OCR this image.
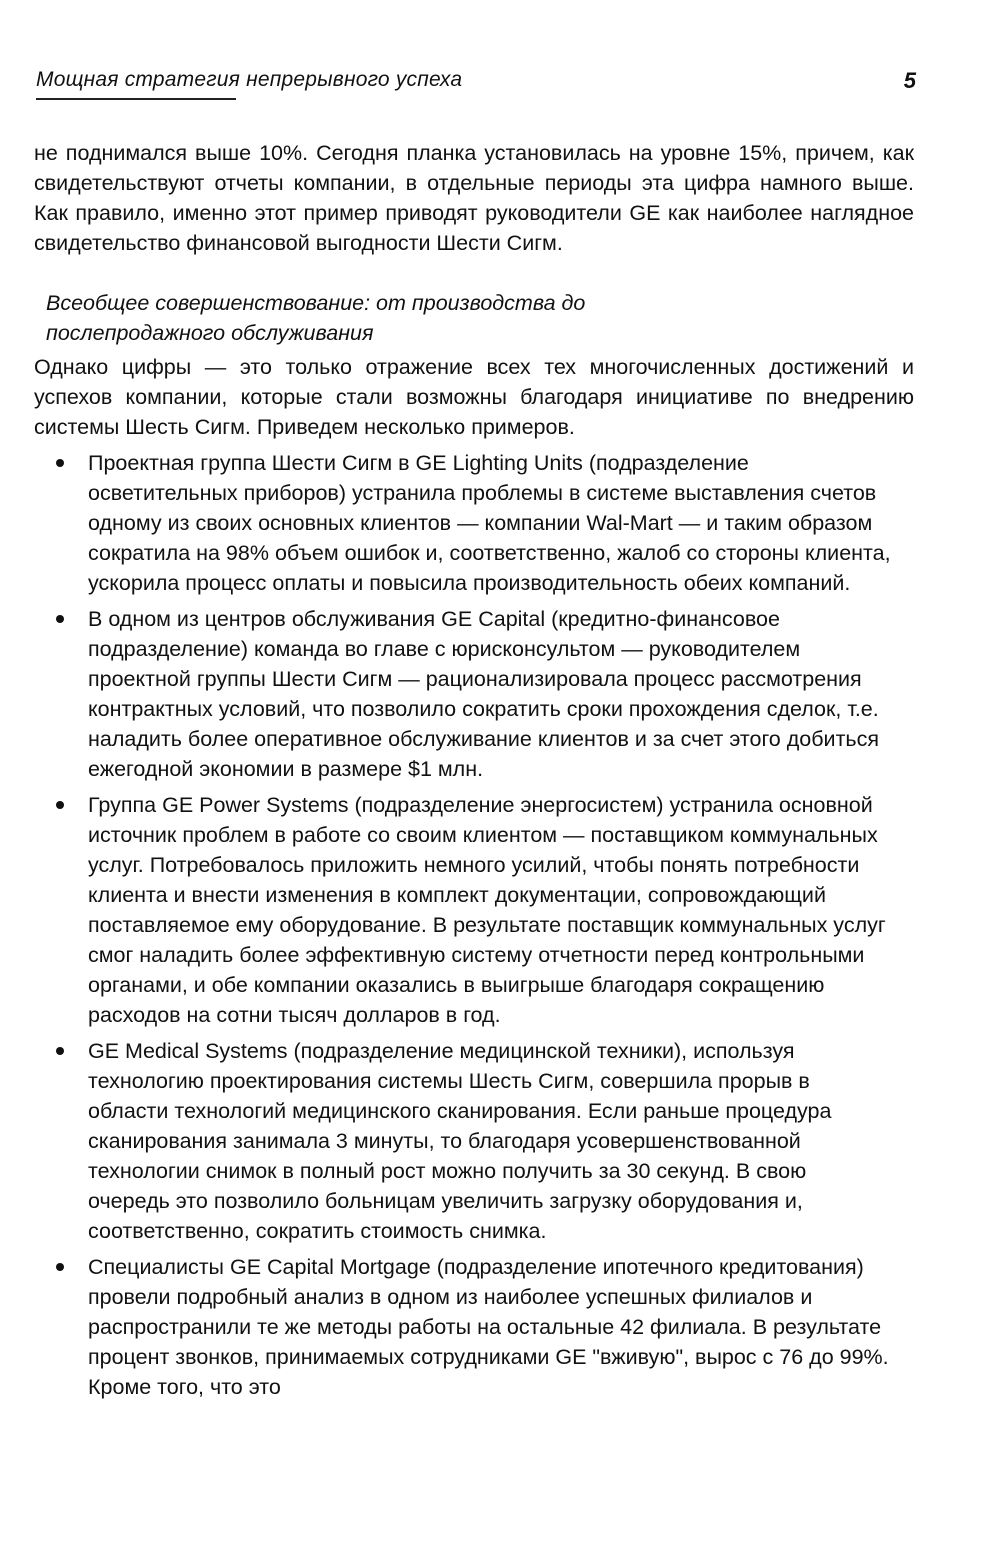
Мощная стратегия непрерывного успеха	5

не поднимался выше 10%. Сегодня планка установилась на уровне 15%, причем, как свидетельствуют отчеты компании, в отдельные периоды эта цифра намного выше. Как правило, именно этот пример приводят руководители GE как наиболее наглядное свидетельство финансовой выгодности Шести Сигм.

Всеобщее совершенствование: от производства до послепродажного обслуживания

Однако цифры — это только отражение всех тех многочисленных достижений и успехов компании, которые стали возможны благодаря инициативе по внедрению системы Шесть Сигм. Приведем несколько примеров.

Проектная группа Шести Сигм в GE Lighting Units (подразделение осветительных приборов) устранила проблемы в системе выставления счетов одному из своих основных клиентов — компании Wal-Mart — и таким образом сократила на 98% объем ошибок и, соответственно, жалоб со стороны клиента, ускорила процесс оплаты и повысила производительность обеих компаний.
В одном из центров обслуживания GE Capital (кредитно-финансовое подразделение) команда во главе с юрисконсультом — руководителем проектной группы Шести Сигм — рационализировала процесс рассмотрения контрактных условий, что позволило сократить сроки прохождения сделок, т.е. наладить более оперативное обслуживание клиентов и за счет этого добиться ежегодной экономии в размере $1 млн.
Группа GE Power Systems (подразделение энергосистем) устранила основной источник проблем в работе со своим клиентом — поставщиком коммунальных услуг. Потребовалось приложить немного усилий, чтобы понять потребности клиента и внести изменения в комплект документации, сопровождающий поставляемое ему оборудование. В результате поставщик коммунальных услуг смог наладить более эффективную систему отчетности перед контрольными органами, и обе компании оказались в выигрыше благодаря сокращению расходов на сотни тысяч долларов в год.
GE Medical Systems (подразделение медицинской техники), используя технологию проектирования системы Шесть Сигм, совершила прорыв в области технологий медицинского сканирования. Если раньше процедура сканирования занимала 3 минуты, то благодаря усовершенствованной технологии снимок в полный рост можно получить за 30 секунд. В свою очередь это позволило больницам увеличить загрузку оборудования и, соответственно, сократить стоимость снимка.
Специалисты GE Capital Mortgage (подразделение ипотечного кредитования) провели подробный анализ в одном из наиболее успешных филиалов и распространили те же методы работы на остальные 42 филиала. В результате процент звонков, принимаемых сотрудниками GE "вживую", вырос с 76 до 99%. Кроме того, что это
